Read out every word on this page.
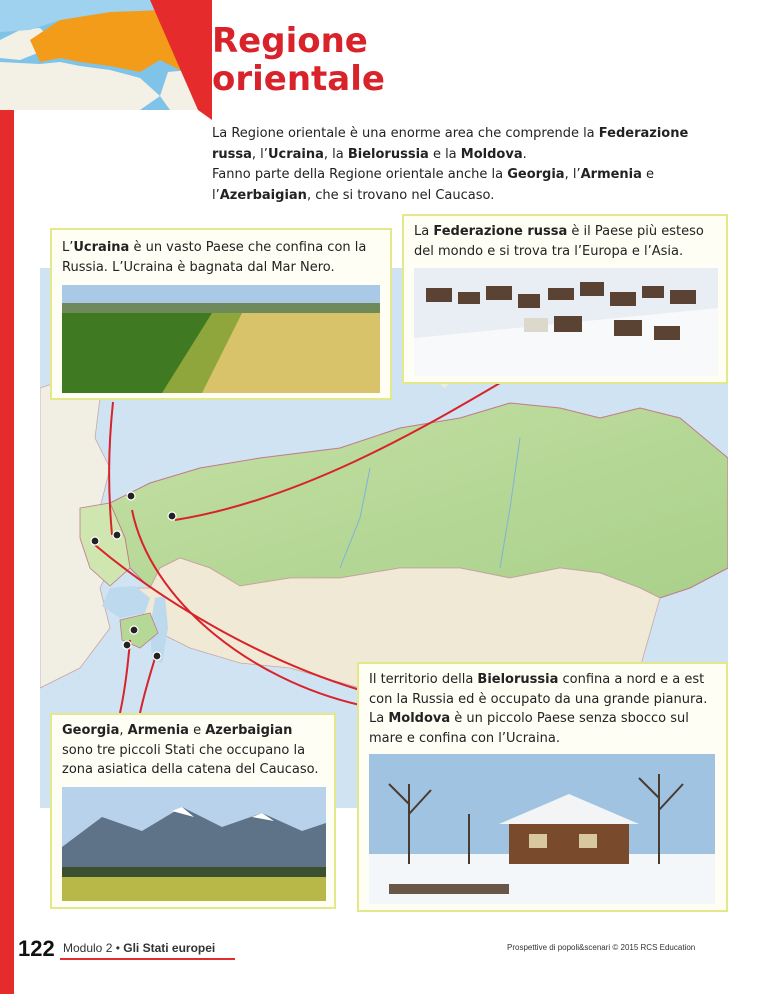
Regione
orientale
La Regione orientale è una enorme area che comprende la Federazione russa, l’Ucraina, la Bielorussia e la Moldova.
Fanno parte della Regione orientale anche la Georgia, l’Armenia e l’Azerbaigian, che si trovano nel Caucaso.

L’Ucraina è un vasto Paese che confina con la Russia. L’Ucraina è bagnata dal Mar Nero.

La Federazione russa è il Paese più esteso del mondo e si trova tra l’Europa e l’Asia.

Georgia, Armenia e Azerbaigian sono tre piccoli Stati che occupano la zona asiatica della catena del Caucaso.

Il territorio della Bielorussia confina a nord e a est con la Russia ed è occupato da una grande pianura. La Moldova è un piccolo Paese senza sbocco sul mare e confina con l’Ucraina.

122 Modulo 2 • Gli Stati europei	Prospettive di popoli&scenari © 2015 RCS Education
